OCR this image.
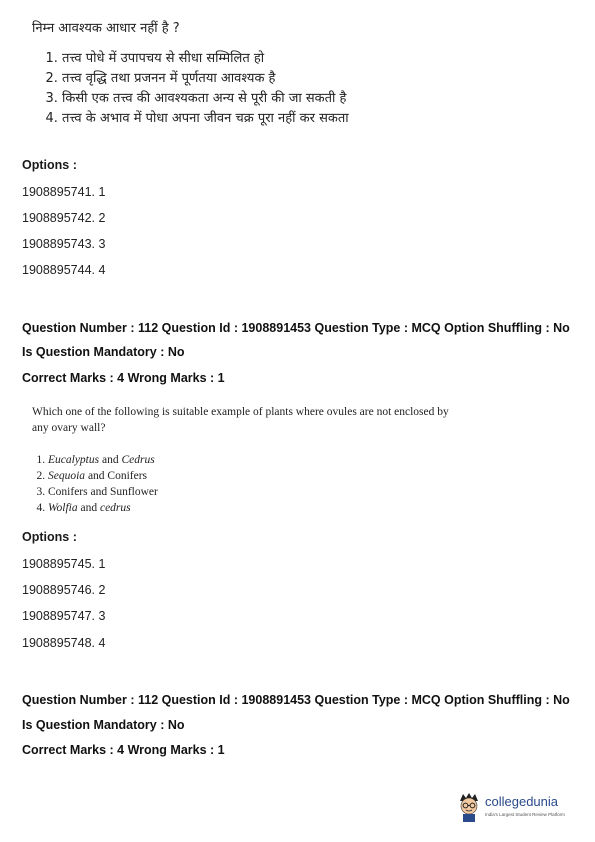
निम्न आवश्यक आधार नहीं है ?

1. तत्त्व पोधे में उपापचय से सीधा सम्मिलित हो
2. तत्त्व वृद्धि तथा प्रजनन में पूर्णतया आवश्यक है
3. किसी एक तत्त्व की आवश्यकता अन्य से पूरी की जा सकती है
4. तत्त्व के अभाव में पोधा अपना जीवन चक्र पूरा नहीं कर सकता
Options :
1908895741. 1
1908895742. 2
1908895743. 3
1908895744. 4
Question Number : 112 Question Id : 1908891453 Question Type : MCQ Option Shuffling : No
Is Question Mandatory : No
Correct Marks : 4 Wrong Marks : 1

Which one of the following is suitable example of plants where ovules are not enclosed by any ovary wall?

1. Eucalyptus and Cedrus
2. Sequoia and Conifers
3. Conifers and Sunflower
4. Wolfia and cedrus
Options :
1908895745. 1
1908895746. 2
1908895747. 3
1908895748. 4
Question Number : 112 Question Id : 1908891453 Question Type : MCQ Option Shuffling : No
Is Question Mandatory : No
Correct Marks : 4 Wrong Marks : 1
collegedunia
India's Largest Student Review Platform
